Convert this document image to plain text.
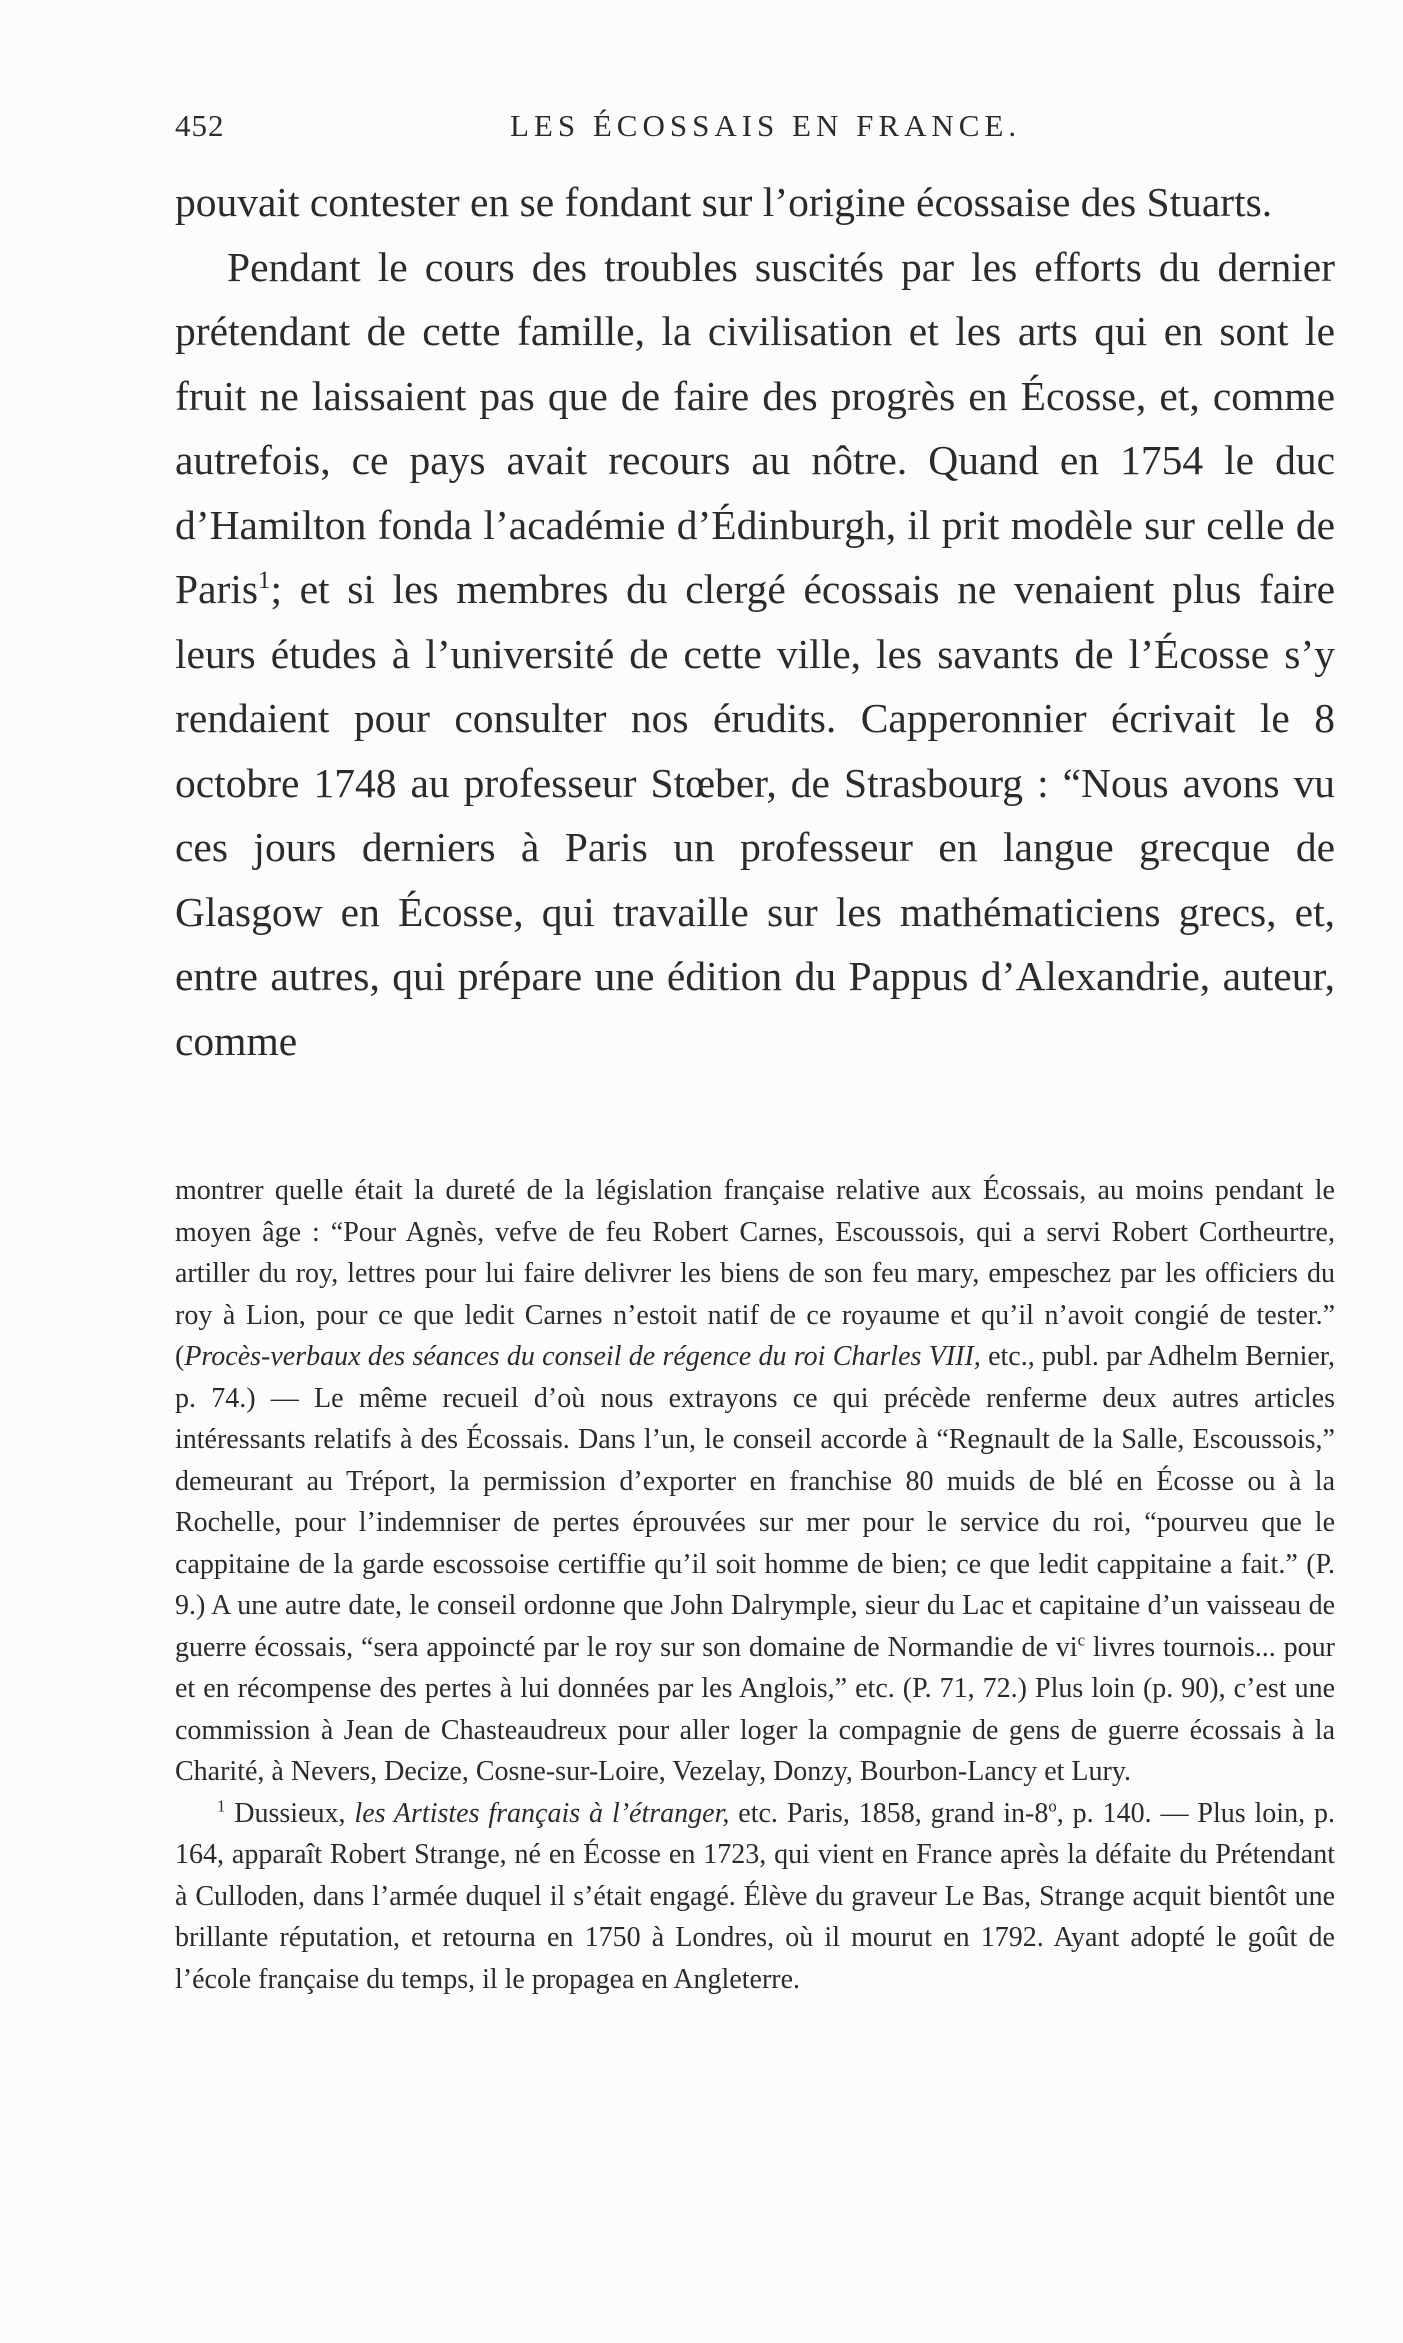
452	LES ÉCOSSAIS EN FRANCE.

pouvait contester en se fondant sur l’origine écossaise des Stuarts.

Pendant le cours des troubles suscités par les efforts du dernier prétendant de cette famille, la civilisation et les arts qui en sont le fruit ne laissaient pas que de faire des progrès en Écosse, et, comme autrefois, ce pays avait recours au nôtre. Quand en 1754 le duc d’Hamilton fonda l’académie d’Édinburgh, il prit modèle sur celle de Paris$^1$; et si les membres du clergé écossais ne venaient plus faire leurs études à l’université de cette ville, les savants de l’Écosse s’y rendaient pour consulter nos érudits. Capperonnier écrivait le 8 octobre 1748 au professeur Stœber, de Strasbourg : “Nous avons vu ces jours derniers à Paris un professeur en langue grecque de Glasgow en Écosse, qui travaille sur les mathématiciens grecs, et, entre autres, qui prépare une édition du Pappus d’Alexandrie, auteur, comme

montrer quelle était la dureté de la législation française relative aux Écossais, au moins pendant le moyen âge : “Pour Agnès, vefve de feu Robert Carnes, Escoussois, qui a servi Robert Cortheurtre, artiller du roy, lettres pour lui faire delivrer les biens de son feu mary, empeschez par les officiers du roy à Lion, pour ce que ledit Carnes n’estoit natif de ce royaume et qu’il n’avoit congié de tester.” (Procès-verbaux des séances du conseil de régence du roi Charles VIII, etc., publ. par Adhelm Bernier, p. 74.) — Le même recueil d’où nous extrayons ce qui précède renferme deux autres articles intéressants relatifs à des Écossais. Dans l’un, le conseil accorde à “Regnault de la Salle, Escoussois,” demeurant au Tréport, la permission d’exporter en franchise 80 muids de blé en Écosse ou à la Rochelle, pour l’indemniser de pertes éprouvées sur mer pour le service du roi, “pourveu que le cappitaine de la garde escossoise certiffie qu’il soit homme de bien; ce que ledit cappitaine a fait.” (P. 9.) A une autre date, le conseil ordonne que John Dalrymple, sieur du Lac et capitaine d’un vaisseau de guerre écossais, “sera appoincté par le roy sur son domaine de Normandie de $vi^c$ livres tournois... pour et en récompense des pertes à lui données par les Anglois,” etc. (P. 71, 72.) Plus loin (p. 90), c’est une commission à Jean de Chasteaudreux pour aller loger la compagnie de gens de guerre écossais à la Charité, à Nevers, Decize, Cosne-sur-Loire, Vezelay, Donzy, Bourbon-Lancy et Lury.

$^1$ Dussieux, les Artistes français à l’étranger, etc. Paris, 1858, grand in-8$^o$, p. 140. — Plus loin, p. 164, apparaît Robert Strange, né en Écosse en 1723, qui vient en France après la défaite du Prétendant à Culloden, dans l’armée duquel il s’était engagé. Élève du graveur Le Bas, Strange acquit bientôt une brillante réputation, et retourna en 1750 à Londres, où il mourut en 1792. Ayant adopté le goût de l’école française du temps, il le propagea en Angleterre.
